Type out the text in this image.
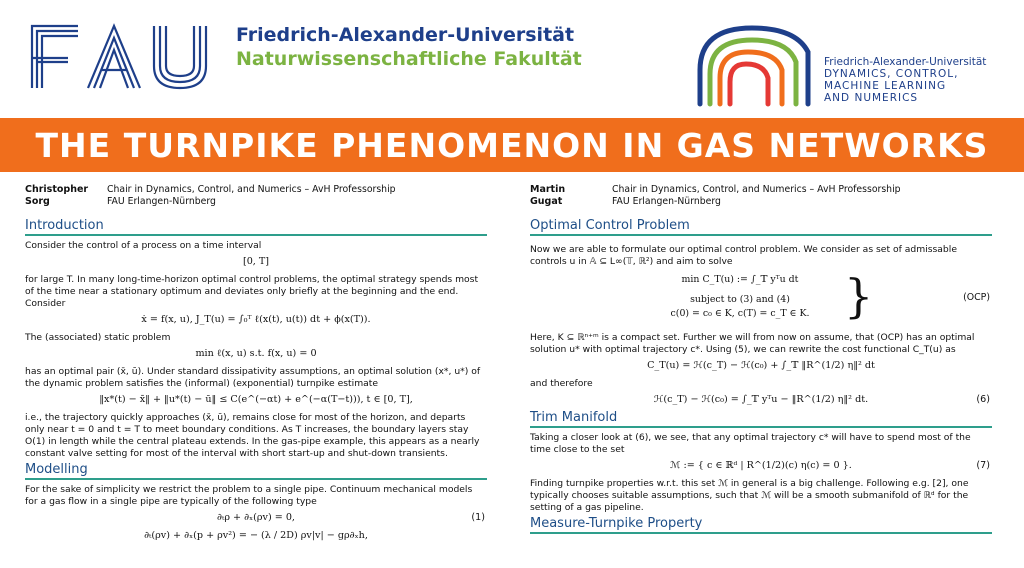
Friedrich-Alexander-Universität
Naturwissenschaftliche Fakultät	Friedrich-Alexander-Universität
DYNAMICS, CONTROL,
MACHINE LEARNING
AND NUMERICS
THE TURNPIKE PHENOMENON IN GAS NETWORKS
Christopher
Sorg
Chair in Dynamics, Control, and Numerics – AvH Professorship
FAU Erlangen-Nürnberg
Introduction

Consider the control of a process on a time interval

[0, T]

for large T. In many long-time-horizon optimal control problems, the optimal strategy spends most of the time near a stationary optimum and deviates only briefly at the beginning and the end. Consider

ẋ = f(x, u), J_T(u) = ∫₀ᵀ ℓ(x(t), u(t)) dt + ϕ(x(T)).

The (associated) static problem

min ℓ(x, u) s.t. f(x, u) = 0

has an optimal pair (x̄, ū). Under standard dissipativity assumptions, an optimal solution (x*, u*) of the dynamic problem satisfies the (informal) (exponential) turnpike estimate

‖x*(t) − x̄‖ + ‖u*(t) − ū‖ ≤ C(e^(−αt) + e^(−α(T−t))), t ∈ [0, T],

i.e., the trajectory quickly approaches (x̄, ū), remains close for most of the horizon, and departs only near t = 0 and t = T to meet boundary conditions. As T increases, the boundary layers stay O(1) in length while the central plateau extends. In the gas-pipe example, this appears as a nearly constant valve setting for most of the interval with short start-up and shut-down transients.

Modelling

For the sake of simplicity we restrict the problem to a single pipe. Continuum mechanical models for a gas flow in a single pipe are typically of the following type

∂ₜρ + ∂ₓ(ρv) = 0,	(1)
∂ₜ(ρv) + ∂ₓ(p + ρv²) = − (λ / 2D) ρv|v| − gρ∂ₓh,
Martin
Gugat
Chair in Dynamics, Control, and Numerics – AvH Professorship
FAU Erlangen-Nürnberg
Optimal Control Problem

Now we are able to formulate our optimal control problem. We consider as set of admissable controls u in 𝔸 ⊆ L∞(𝕋, ℝ²) and aim to solve

min C_T(u) := ∫_𝕋 yᵀu dt
subject to (3) and (4)
c(0) = c₀ ∈ K, c(T) = c_T ∈ K. }	(OCP)

Here, K ⊆ ℝⁿ⁺ᵐ is a compact set. Further we will from now on assume, that (OCP) has an optimal solution u* with optimal trajectory c*. Using (5), we can rewrite the cost functional C_T(u) as

C_T(u) = ℋ(c_T) − ℋ(c₀) + ∫_𝕋 ‖R^(1/2) η‖² dt

and therefore

ℋ(c_T) − ℋ(c₀) = ∫_𝕋 yᵀu − ‖R^(1/2) η‖² dt.	(6)
Trim Manifold

Taking a closer look at (6), we see, that any optimal trajectory c* will have to spend most of the time close to the set

ℳ := { c ∈ ℝᵈ | R^(1/2)(c) η(c) = 0 }.	(7)

Finding turnpike properties w.r.t. this set ℳ in general is a big challenge. Following e.g. [2], one typically chooses suitable assumptions, such that ℳ will be a smooth submanifold of ℝᵈ for the setting of a gas pipeline.

Measure-Turnpike Property
